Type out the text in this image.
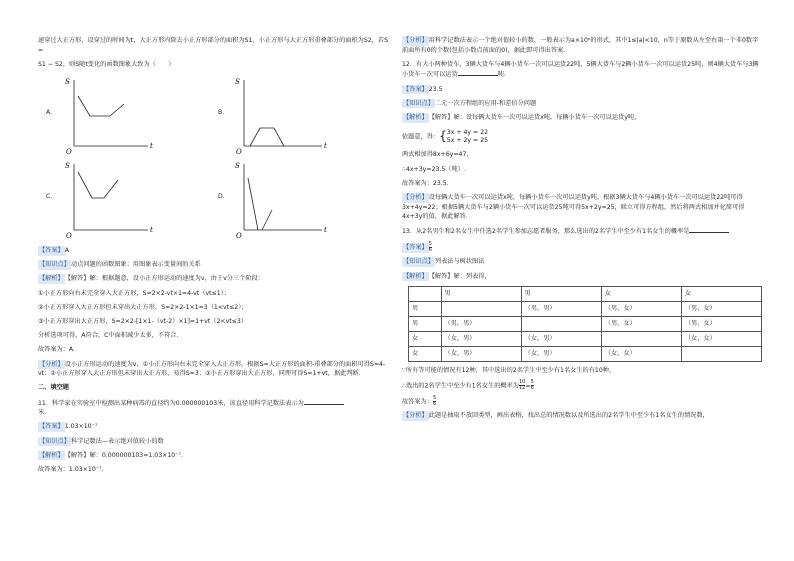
速穿过大正方形，设穿过的时间为t，大正方形内除去小正方形部分的面积为S1，小正方形与大正方形重叠部分的面积为S2，若S =

S1 − S2，则S随t变化的函数图象大致为（　　）

A.
S
t
O
B.
S
t
O
C.
S
t
O
D.
S
t
O

【答案】A

【知识点】动点问题的函数图象；用图象表示变量间的关系

【解析】【解答】解：根据题意，设小正方形运动的速度为v，由于v分三个阶段：

①小正方形向右未完全穿入大正方形，S=2×2-vt×1=4-vt（vt≤1）；

②小正方形穿入大正方形但未穿出大正方形，S=2×2-1×1=3（1<vt≤2）；

③小正方形穿出大正方形，S=2×2-[1×1-（vt-2）×1]=1+vt（2<vt≤3）

分析选项可得，A符合，C中面积减少太多，不符合.

故答案为：A.

【分析】设小正方形运动的速度为v，①小正方形向右未完全穿入大正方形，根据S=大正方形的面积-重叠部分的面积可得S=4-vt；②小正方形穿入大正方形但未穿出大正方形，易得S=3；③小正方形穿出大正方形，同理可得S=1+vt，据此判断.

二、填空题

11．科学家在实验室中检测出某种病毒的直径约为0.000000103米，该直径用科学记数法表示为
米.

【答案】1.03×10⁻⁷

【知识点】科学记数法—表示绝对值较小的数

【解析】【解答】解：0.000000103=1.03×10⁻⁷.

故答案为：1.03×10⁻⁷.

【分析】用科学记数法表示一个绝对值较小的数，一般表示为a×10ⁿ的形式，其中1≤|a|<10，n等于原数从左至右第一个非0数字前面所有0的个数(包括小数点前面的0)，据此即可得出答案.

12．有大小两种货车，3辆大货车与4辆小货车一次可以运货22吨，5辆大货车与2辆小货车一次可以运货25吨，则4辆大货车与3辆小货车一次可以运货	吨.

【答案】23.5

【知识点】二元一次方程组的应用-和差倍分问题

【解析】【解答】解：设每辆大货车一次可以运货x吨，每辆小货车一次可以运货y吨，

依题意，得：{3x + 4y = 22
5x + 2y = 25

两式相加得8x+6y=47，

∴4x+3y=23.5（吨）.

故答案为：23.5.

【分析】设每辆大货车一次可以运货x吨，每辆小货车一次可以运货y吨，根据3辆大货车与4辆小货车一次可以运货22吨可得3x+4y=22；根据5辆大货车与2辆小货车一次可以运货25吨可得5x+2y=25，联立可得方程组，然后将两式相加并化简可得4x+3y的值，据此解答.

13．从2名男生和2名女生中任选2名学生参加志愿者服务，那么选出的2名学生中至少有1名女生的概率是

【答案】 $\frac{5}{6}$

【知识点】列表法与树状图法

【解析】【解答】解：列表得，

	男	男	女	女
男		（男，男）	（男，女）	（男，女）
男	（男，男）		（男，女）	（男，女）
女	（女，男）	（女，男）		（女，女）
女	（女，男）	（女，男）	（女，女）	

∵所有等可能的情况有12种，其中选出的2名学生中至少有1名女生的有10种，

∴选出的2名学生中至少有1名女生的概率为 $\frac{10}{12} = \frac{5}{6}$

故答案为： $\frac{5}{6}$

【分析】此题是抽取不放回类型，画出表格，找出总的情况数以及所选出的2名学生中至少有1名女生的情况数，
